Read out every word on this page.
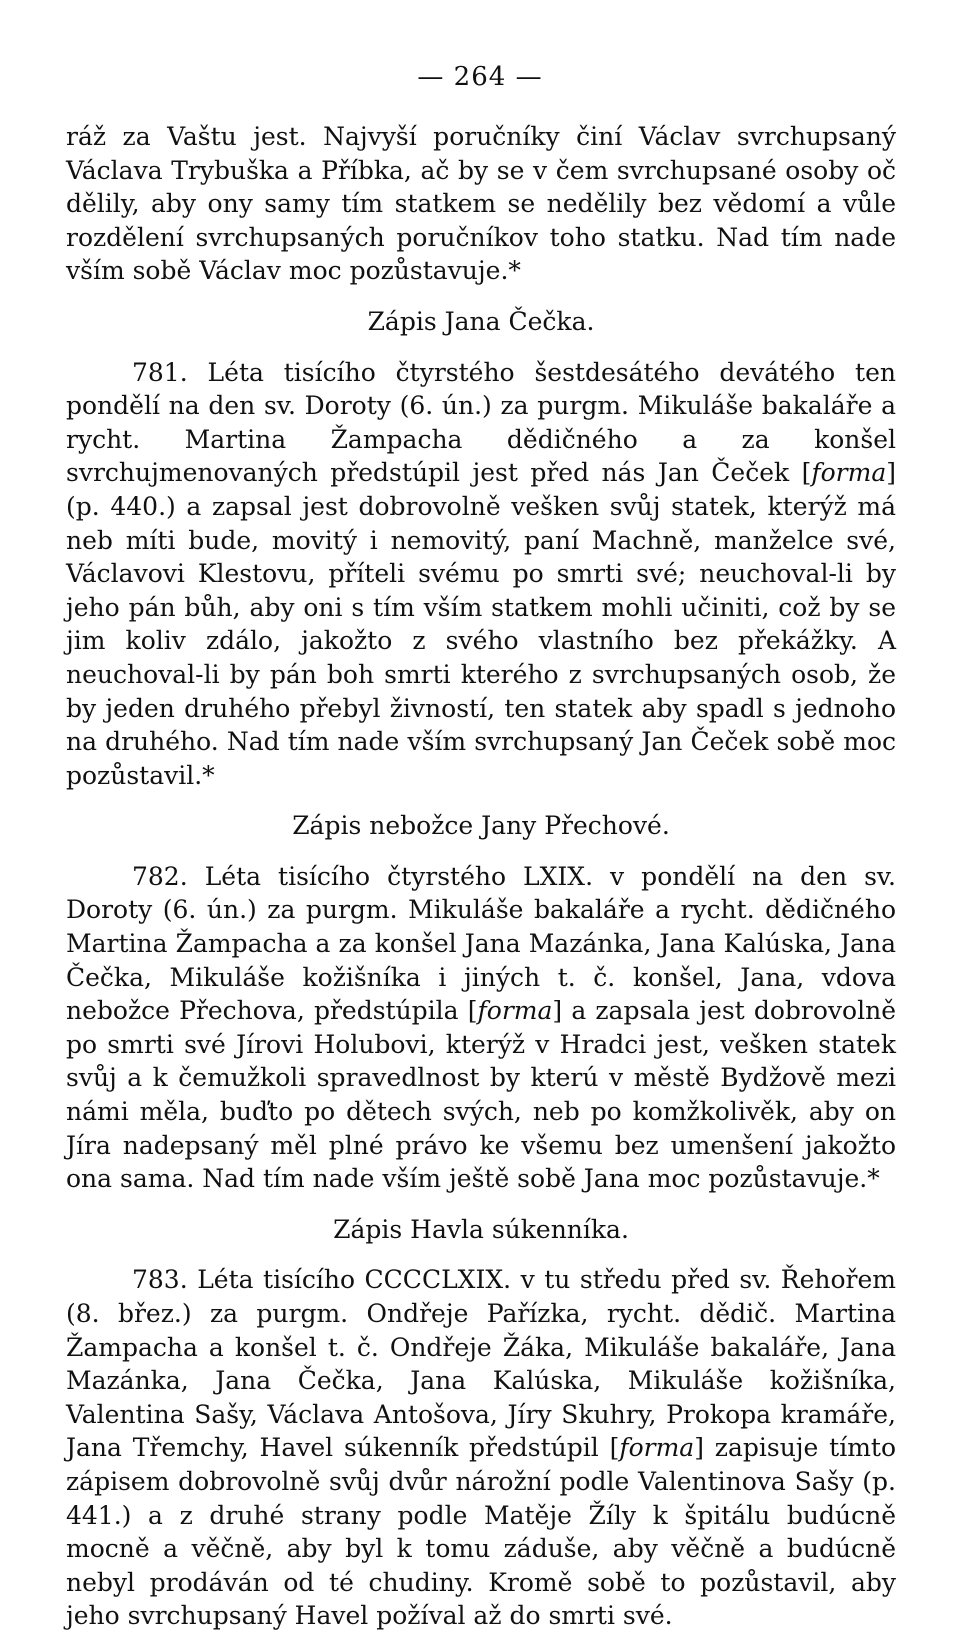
— 264 —

ráž za Vaštu jest. Najvyší poručníky činí Václav svrchupsaný Václava Trybuška a Příbka, ač by se v čem svrchupsané osoby oč dělily, aby ony samy tím statkem se nedělily bez vědomí a vůle rozdělení svrchupsaných poručníkov toho statku. Nad tím nade vším sobě Václav moc pozůstavuje.*

Zápis Jana Čečka.

781. Léta tisícího čtyrstého šestdesátého devátého ten pondělí na den sv. Doroty (6. ún.) za purgm. Mikuláše bakaláře a rycht. Martina Žampacha dědičného a za konšel svrchujmenovaných předstúpil jest před nás Jan Čeček [forma] (p. 440.) a zapsal jest dobrovolně vešken svůj statek, kterýž má neb míti bude, movitý i nemovitý, paní Machně, manželce své, Václavovi Klestovu, příteli svému po smrti své; neuchoval-li by jeho pán bůh, aby oni s tím vším statkem mohli učiniti, což by se jim koliv zdálo, jakožto z svého vlastního bez překážky. A neuchoval-li by pán boh smrti kterého z svrchupsaných osob, že by jeden druhého přebyl živností, ten statek aby spadl s jednoho na druhého. Nad tím nade vším svrchupsaný Jan Čeček sobě moc pozůstavil.*

Zápis nebožce Jany Přechové.

782. Léta tisícího čtyrstého LXIX. v pondělí na den sv. Doroty (6. ún.) za purgm. Mikuláše bakaláře a rycht. dědičného Martina Žampacha a za konšel Jana Mazánka, Jana Kalúska, Jana Čečka, Mikuláše kožišníka i jiných t. č. konšel, Jana, vdova nebožce Přechova, předstúpila [forma] a zapsala jest dobrovolně po smrti své Jírovi Holubovi, kterýž v Hradci jest, vešken statek svůj a k čemužkoli spravedlnost by kterú v městě Bydžově mezi námi měla, buďto po dětech svých, neb po komžkolivěk, aby on Jíra nadepsaný měl plné právo ke všemu bez umenšení jakožto ona sama. Nad tím nade vším ještě sobě Jana moc pozůstavuje.*

Zápis Havla súkenníka.

783. Léta tisícího CCCCLXIX. v tu středu před sv. Řehořem (8. břez.) za purgm. Ondřeje Pařízka, rycht. dědič. Martina Žampacha a konšel t. č. Ondřeje Žáka, Mikuláše bakaláře, Jana Mazánka, Jana Čečka, Jana Kalúska, Mikuláše kožišníka, Valentina Sašy, Václava Antošova, Jíry Skuhry, Prokopa kramáře, Jana Třemchy, Havel súkenník předstúpil [forma] zapisuje tímto zápisem dobrovolně svůj dvůr nárožní podle Valentinova Sašy (p. 441.) a z druhé strany podle Matěje Žíly k špitálu budúcně mocně a věčně, aby byl k tomu záduše, aby věčně a budúcně nebyl prodáván od té chudiny. Kromě sobě to pozůstavil, aby jeho svrchupsaný Havel požíval až do smrti své.
